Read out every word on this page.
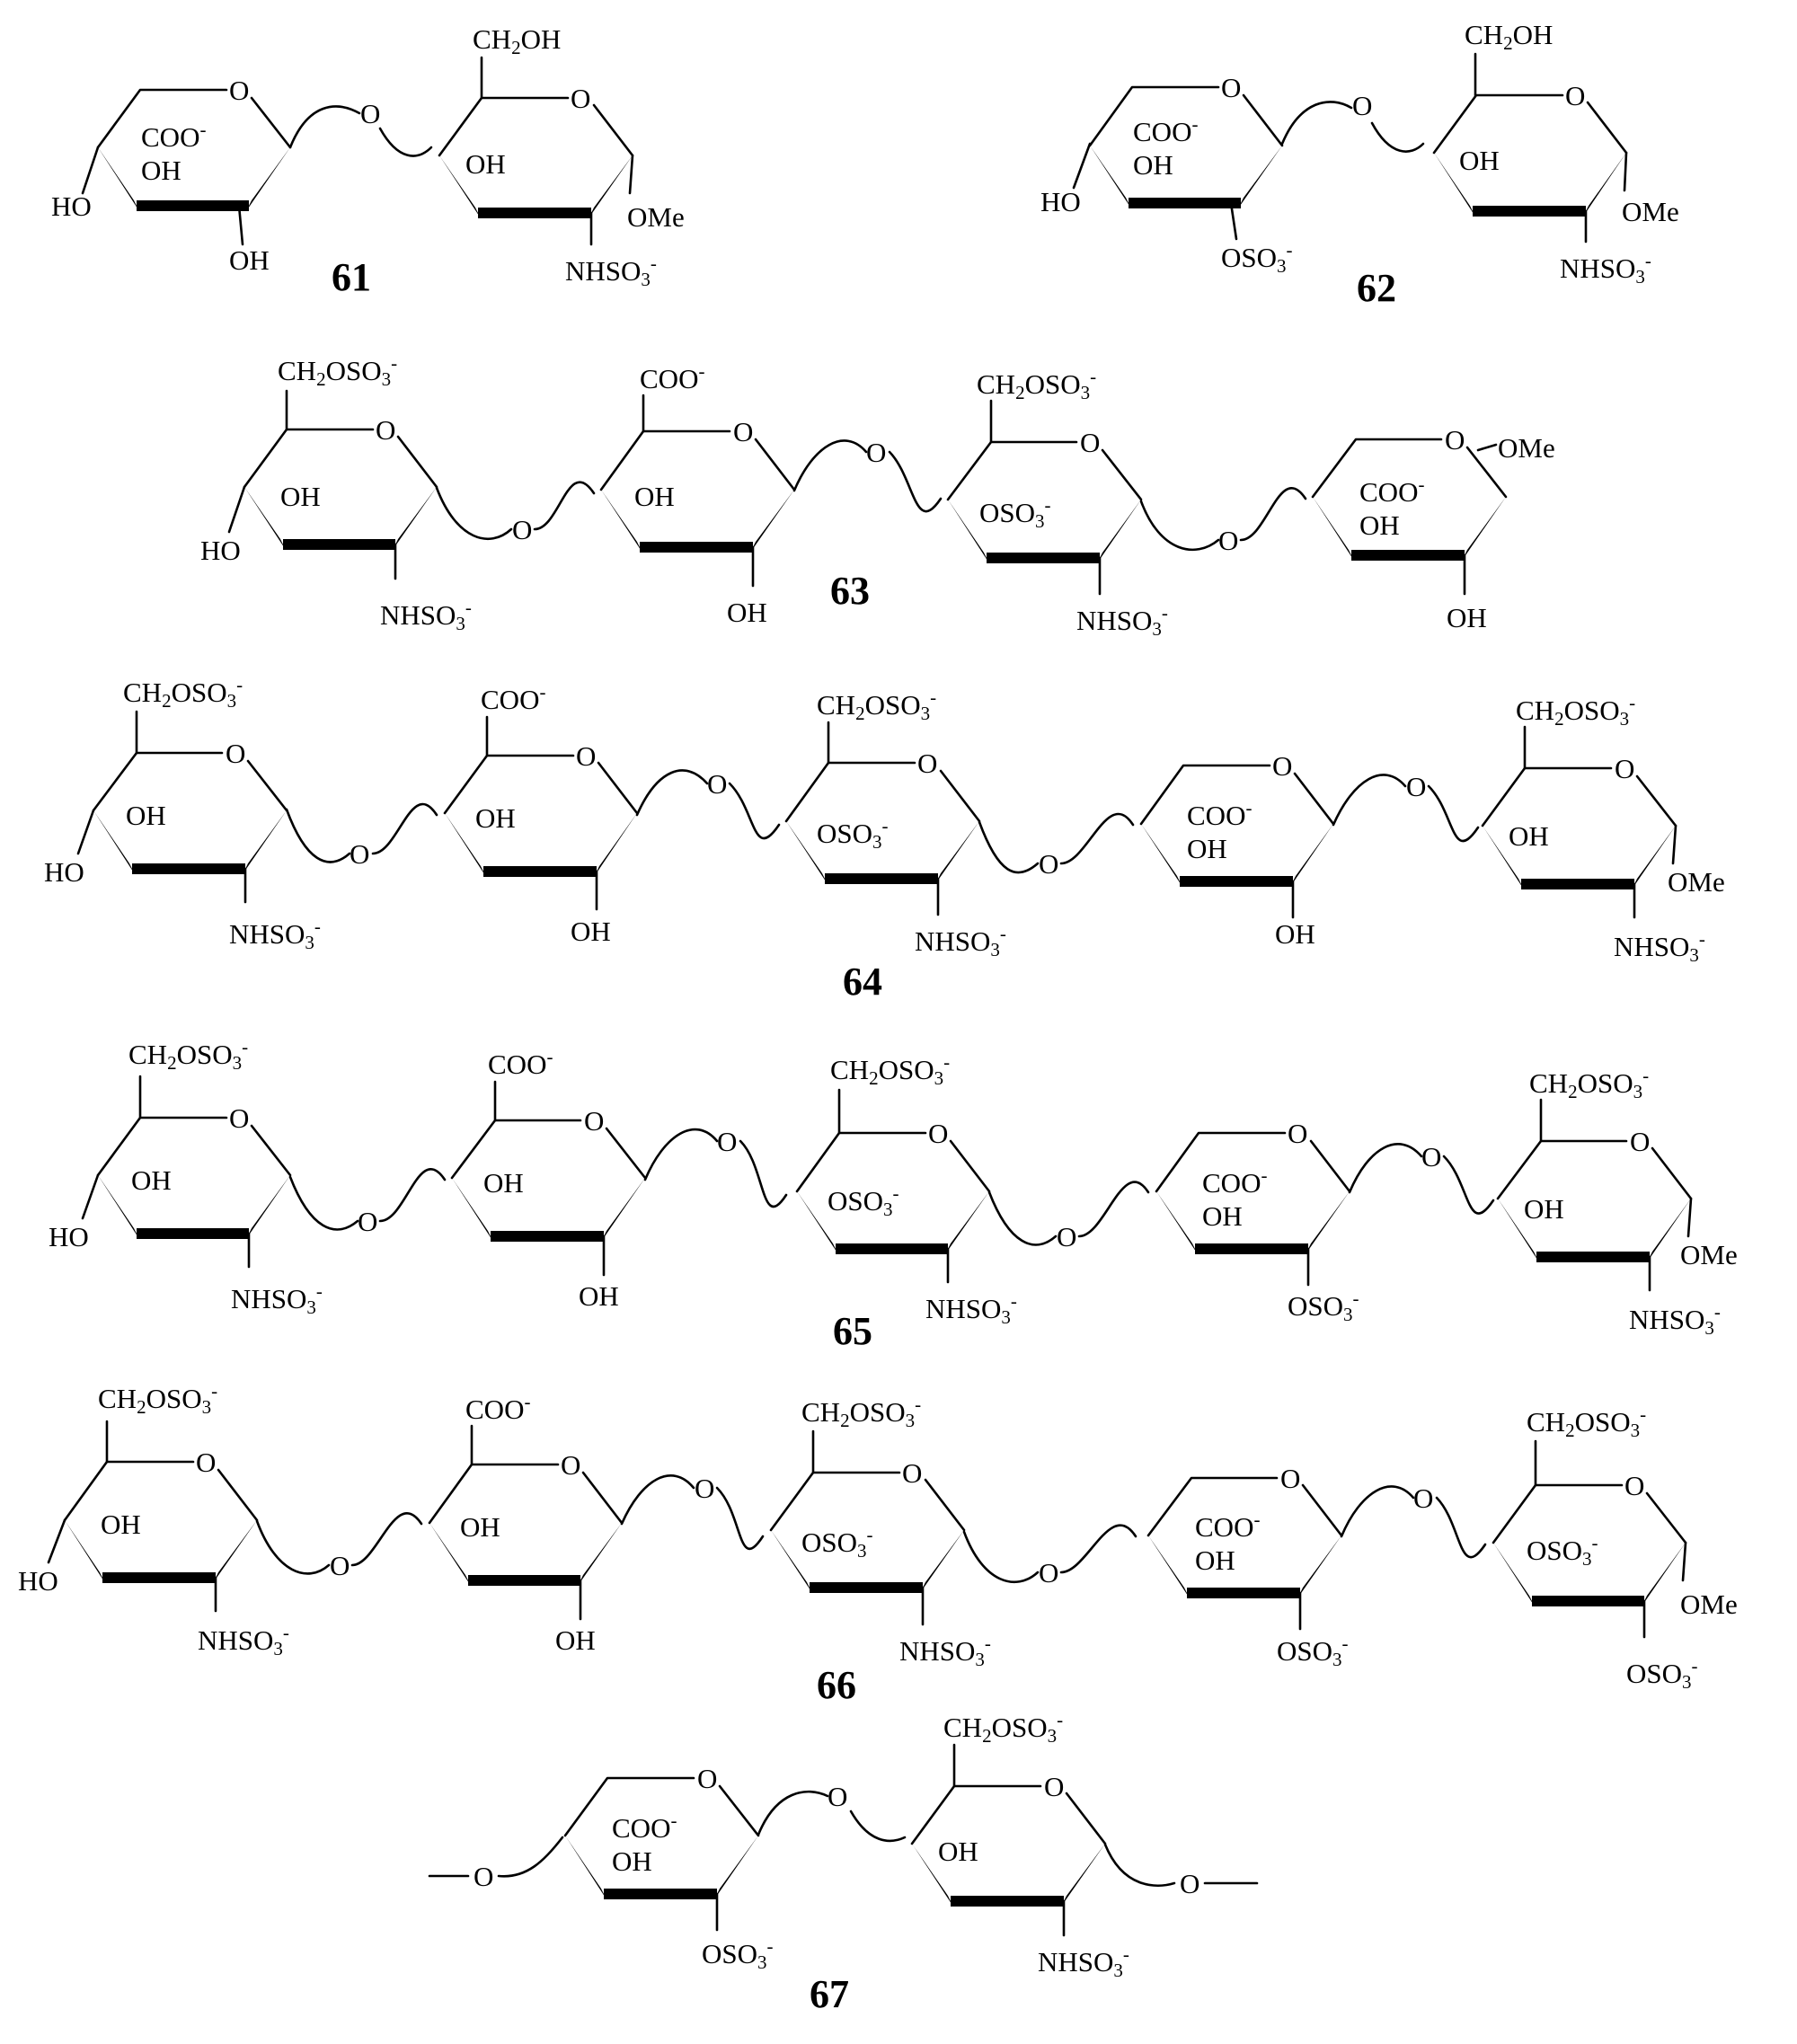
O
COO-
OH
HO
OH
O	O
CH2OH
OH
OMe
NHSO3-
61
O
COO-
OH
HO
OSO3-
O	O
CH2OH
OH
OMe
NHSO3-
62
O
CH2OSO3-
OH
HO
NHSO3-
O
COO-
OH
OH
O
CH2OSO3-
OSO3-
NHSO3-
O
COO-
OH
OH
OMe
O
O
O
63
O
CH2OSO3-
OH
HO
NHSO3-
O
COO-
OH
OH
O
CH2OSO3-
OSO3-
NHSO3-
O
COO-
OH
OH
O
CH2OSO3-
OH
OMe
NHSO3-
O
O
O
O
64
O
CH2OSO3-
OH
HO
NHSO3-
O
COO-
OH
OH
O
CH2OSO3-
OSO3-
NHSO3-
O
COO-
OH
OSO3-
O
CH2OSO3-
OH
OMe
NHSO3-
O
O
O
O
65
O
CH2OSO3-
OH
HO
NHSO3-
O
COO-
OH
OH
O
CH2OSO3-
OSO3-
NHSO3-
O
COO-
OH
OSO3-
O
CH2OSO3-
OSO3-
OMe
OSO3-
O
O
O
O
66
O
COO-
OH
OSO3-
O	O
CH2OSO3-
OH
NHSO3-
O	O
67
